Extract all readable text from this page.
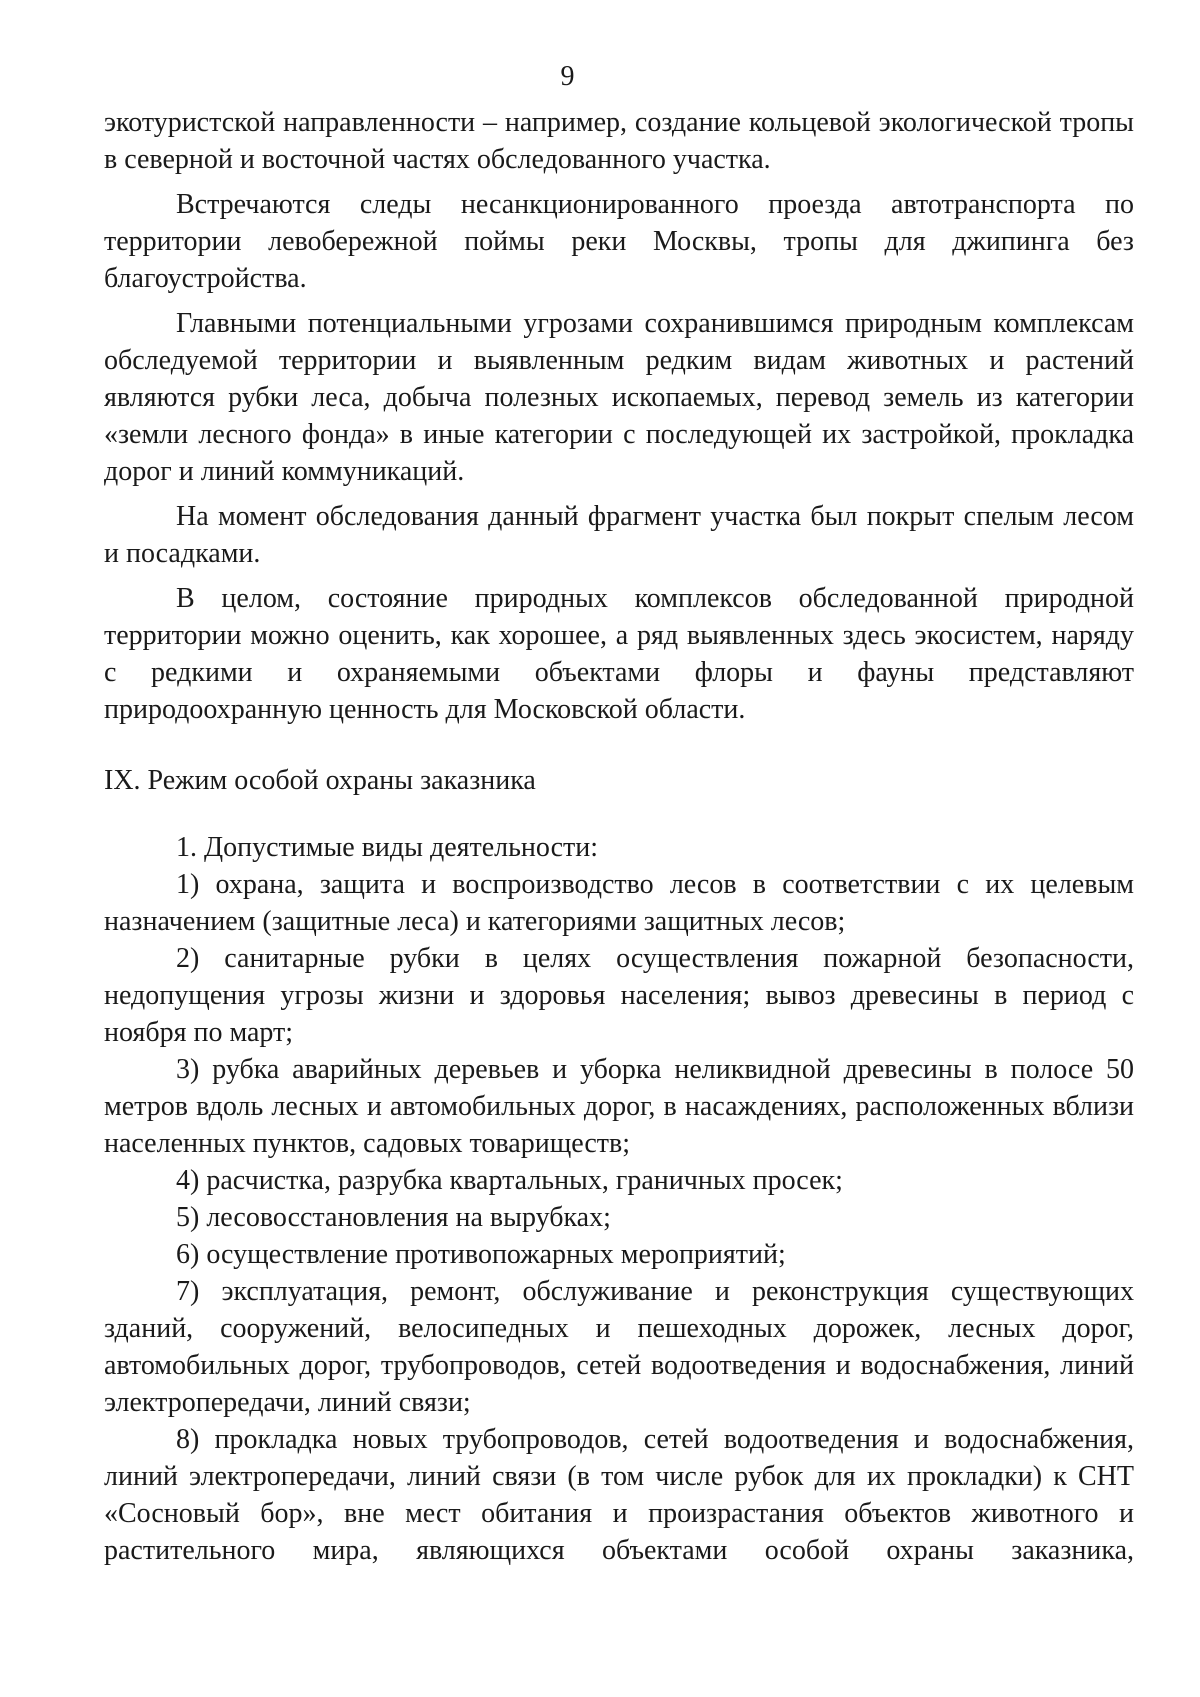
9

экотуристской направленности – например, создание кольцевой экологической тропы в северной и восточной частях обследованного участка.

Встречаются следы несанкционированного проезда автотранспорта по территории левобережной поймы реки Москвы, тропы для джипинга без благоустройства.

Главными потенциальными угрозами сохранившимся природным комплексам обследуемой территории и выявленным редким видам животных и растений являются рубки леса, добыча полезных ископаемых, перевод земель из категории «земли лесного фонда» в иные категории с последующей их застройкой, прокладка дорог и линий коммуникаций.

На момент обследования данный фрагмент участка был покрыт спелым лесом и посадками.

В целом, состояние природных комплексов обследованной природной территории можно оценить, как хорошее, а ряд выявленных здесь экосистем, наряду с редкими и охраняемыми объектами флоры и фауны представляют природоохранную ценность для Московской области.

IX. Режим особой охраны заказника

1. Допустимые виды деятельности:

1) охрана, защита и воспроизводство лесов в соответствии с их целевым назначением (защитные леса) и категориями защитных лесов;

2) санитарные рубки в целях осуществления пожарной безопасности, недопущения угрозы жизни и здоровья населения; вывоз древесины в период с ноября по март;

3) рубка аварийных деревьев и уборка неликвидной древесины в полосе 50 метров вдоль лесных и автомобильных дорог, в насаждениях, расположенных вблизи населенных пунктов, садовых товариществ;

4) расчистка, разрубка квартальных, граничных просек;

5) лесовосстановления на вырубках;

6) осуществление противопожарных мероприятий;

7) эксплуатация, ремонт, обслуживание и реконструкция существующих зданий, сооружений, велосипедных и пешеходных дорожек, лесных дорог, автомобильных дорог, трубопроводов, сетей водоотведения и водоснабжения, линий электропередачи, линий связи;

8) прокладка новых трубопроводов, сетей водоотведения и водоснабжения, линий электропередачи, линий связи (в том числе рубок для их прокладки) к СНТ «Сосновый бор», вне мест обитания и произрастания объектов животного и растительного мира, являющихся объектами особой охраны заказника,
